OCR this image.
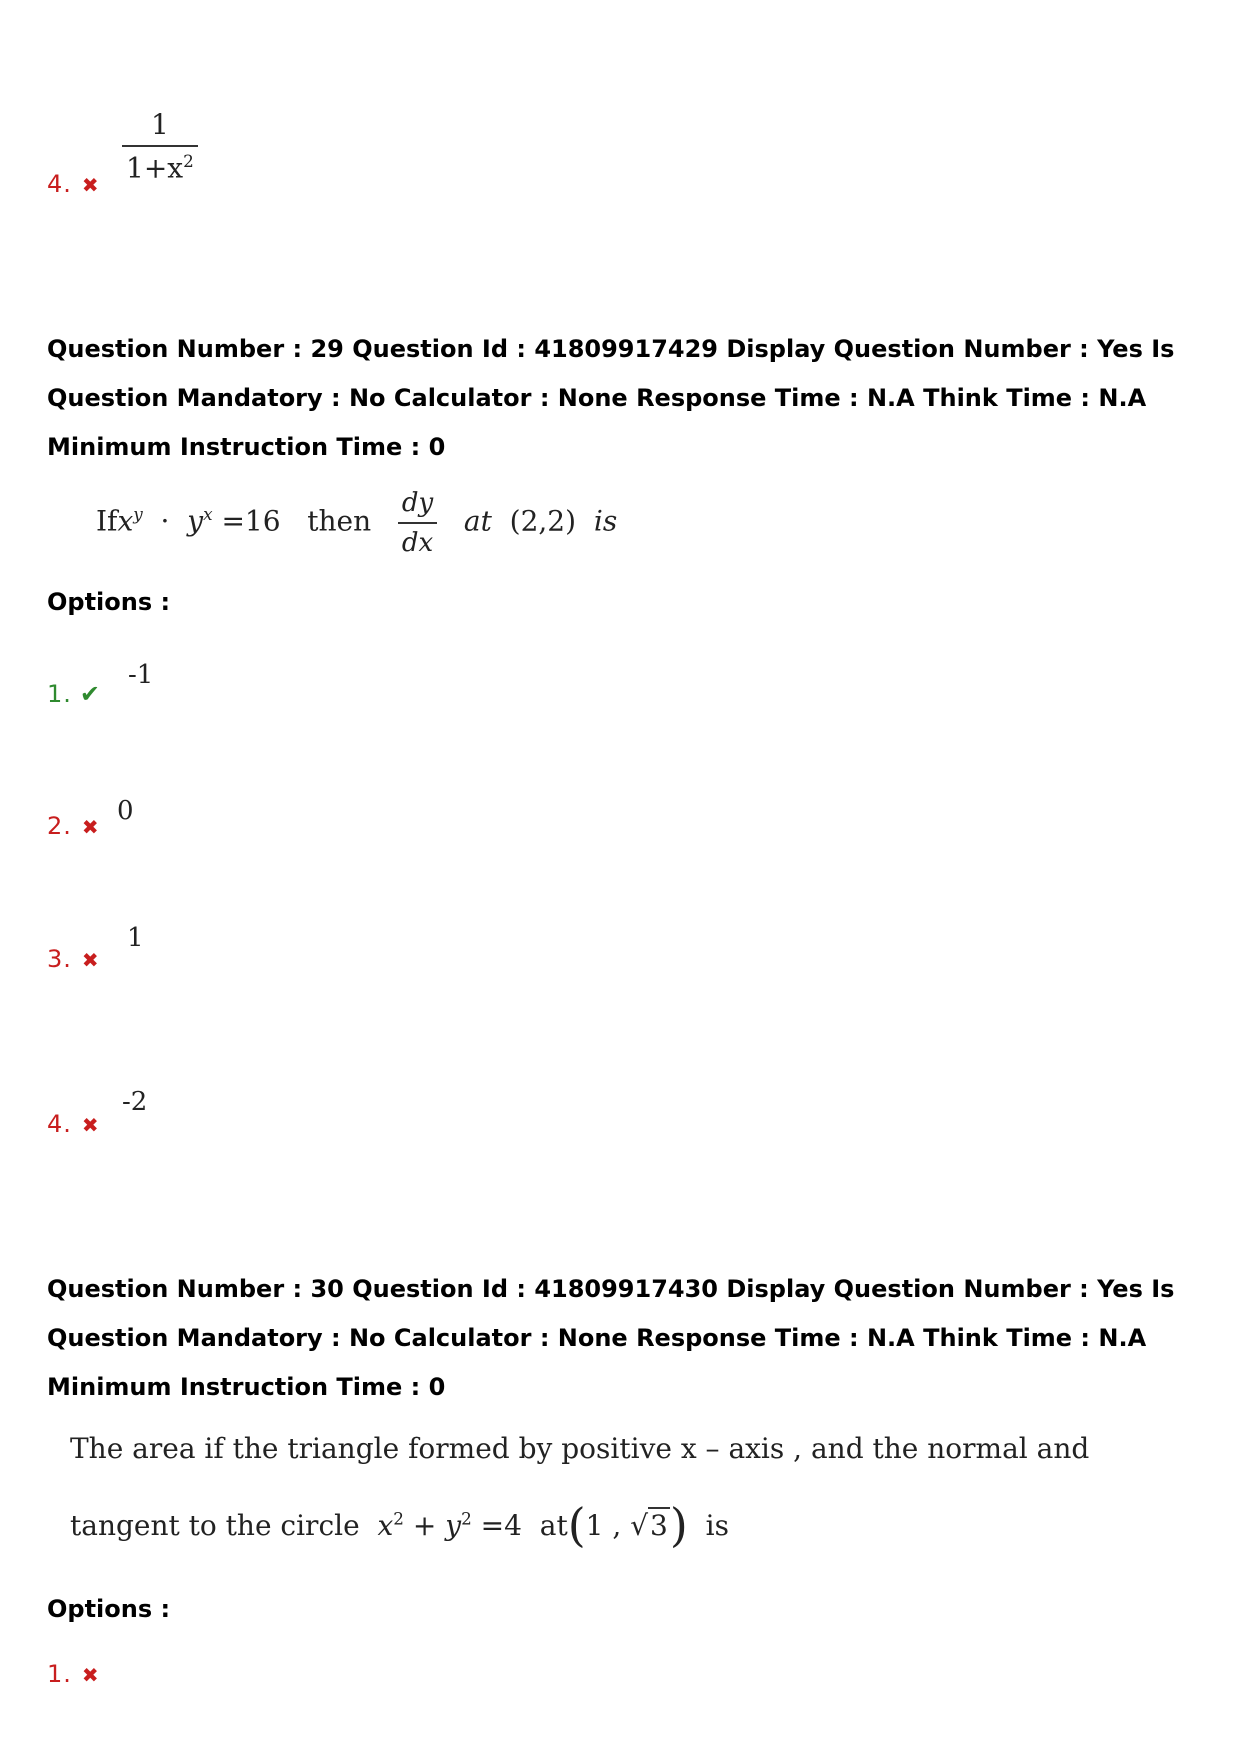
4. ✖
$\frac{1}{1+x^2}$
Question Number : 29 Question Id : 41809917429 Display Question Number : Yes Is Question Mandatory : No Calculator : None Response Time : N.A Think Time : N.A Minimum Instruction Time : 0
$Ifx^y \cdot y^x =16$ then $\frac{dy}{dx}$ at (2,2) is
Options :
1. ✔
-1
2. ✖
0
3. ✖
1
4. ✖
-2
Question Number : 30 Question Id : 41809917430 Display Question Number : Yes Is Question Mandatory : No Calculator : None Response Time : N.A Think Time : N.A Minimum Instruction Time : 0
The area if the triangle formed by positive x – axis , and the normal and
tangent to the circle $x^2 + y^2 =4$ at(1 , √3) is
Options :
1. ✖
